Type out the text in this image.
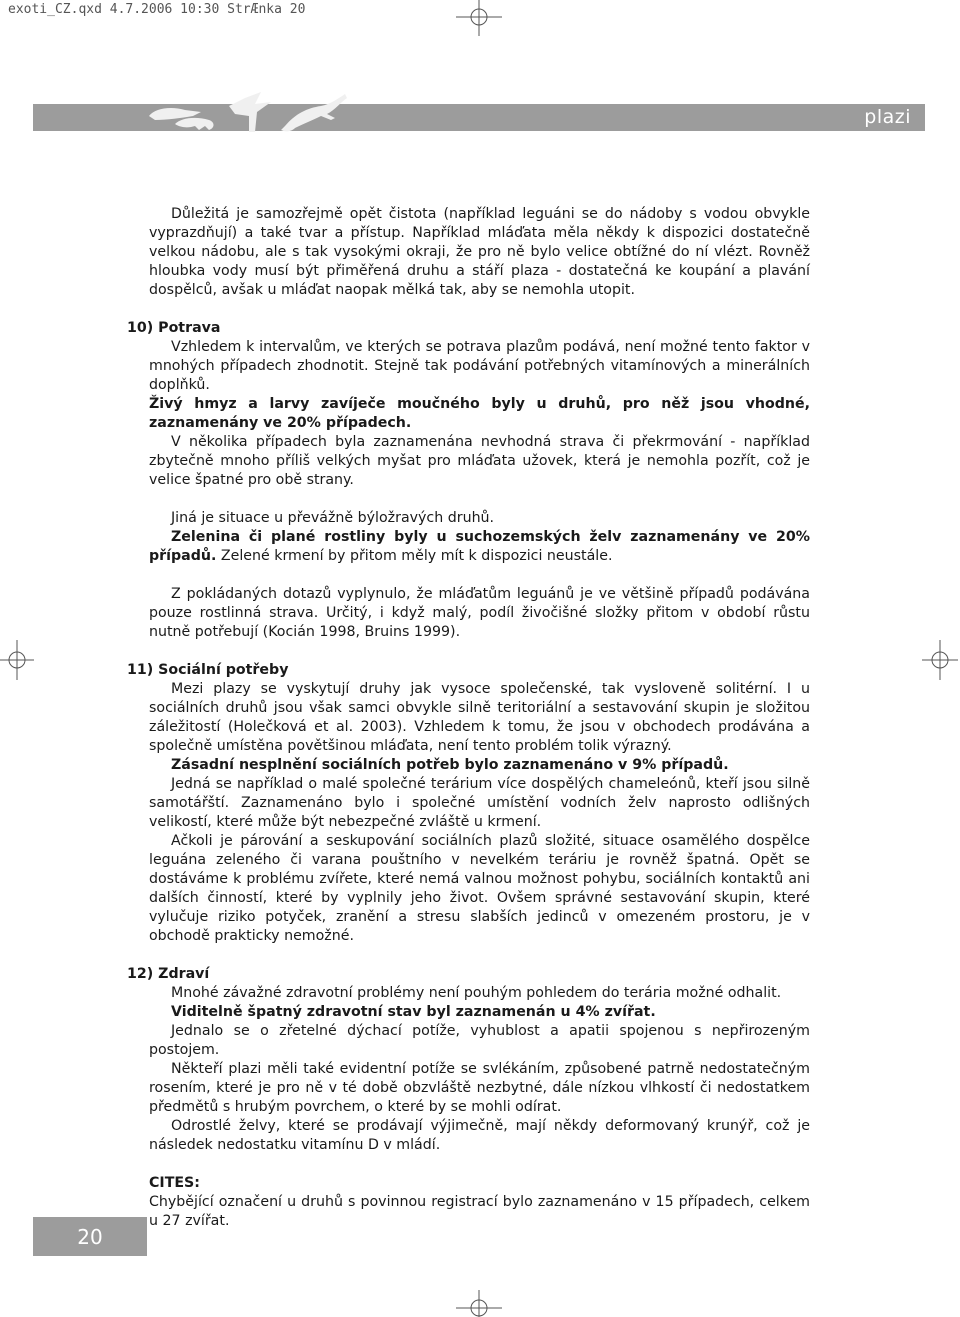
exoti_CZ.qxd 4.7.2006 10:30 StrÆnka 20
plazi

Důležitá je samozřejmě opět čistota (například leguáni se do nádoby s vodou obvykle vyprazdňují) a také tvar a přístup. Například mláďata měla někdy k dispozici dostatečně velkou nádobu, ale s tak vysokými okraji, že pro ně bylo velice obtížné do ní vlézt. Rovněž hloubka vody musí být přiměřená druhu a stáří plaza - dostatečná ke koupání a plavání dospělců, avšak u mláďat naopak mělká tak, aby se nemohla utopit.

10) Potrava

Vzhledem k intervalům, ve kterých se potrava plazům podává, není možné tento faktor v mnohých případech zhodnotit. Stejně tak podávání potřebných vitamínových a minerálních doplňků.

Živý hmyz a larvy zavíječe moučného byly u druhů, pro něž jsou vhodné, zaznamenány ve 20% případech.

V několika případech byla zaznamenána nevhodná strava či překrmování - například zbytečně mnoho příliš velkých myšat pro mláďata užovek, která je nemohla pozřít, což je velice špatné pro obě strany.

Jiná je situace u převážně býložravých druhů.

Zelenina či plané rostliny byly u suchozemských želv zaznamenány ve 20% případů. Zelené krmení by přitom měly mít k dispozici neustále.

Z pokládaných dotazů vyplynulo, že mláďatům leguánů je ve většině případů podávána pouze rostlinná strava. Určitý, i když malý, podíl živočišné složky přitom v období růstu nutně potřebují (Kocián 1998, Bruins 1999).

11) Sociální potřeby

Mezi plazy se vyskytují druhy jak vysoce společenské, tak vysloveně solitérní. I u sociálních druhů jsou však samci obvykle silně teritoriální a sestavování skupin je složitou záležitostí (Holečková et al. 2003). Vzhledem k tomu, že jsou v obchodech prodávána a společně umístěna povětšinou mláďata, není tento problém tolik výrazný.

Zásadní nesplnění sociálních potřeb bylo zaznamenáno v 9% případů.

Jedná se například o malé společné terárium více dospělých chameleónů, kteří jsou silně samotářští. Zaznamenáno bylo i společné umístění vodních želv naprosto odlišných velikostí, které může být nebezpečné zvláště u krmení.

Ačkoli je párování a seskupování sociálních plazů složité, situace osamělého dospělce leguána zeleného či varana pouštního v nevelkém teráriu je rovněž špatná. Opět se dostáváme k problému zvířete, které nemá valnou možnost pohybu, sociálních kontaktů ani dalších činností, které by vyplnily jeho život. Ovšem správné sestavování skupin, které vylučuje riziko potyček, zranění a stresu slabších jedinců v omezeném prostoru, je v obchodě prakticky nemožné.

12) Zdraví

Mnohé závažné zdravotní problémy není pouhým pohledem do terária možné odhalit.

Viditelně špatný zdravotní stav byl zaznamenán u 4% zvířat.

Jednalo se o zřetelné dýchací potíže, vyhublost a apatii spojenou s nepřirozeným postojem.

Někteří plazi měli také evidentní potíže se svlékáním, způsobené patrně nedostatečným rosením, které je pro ně v té době obzvláště nezbytné, dále nízkou vlhkostí či nedostatkem předmětů s hrubým povrchem, o které by se mohli odírat.

Odrostlé želvy, které se prodávají výjimečně, mají někdy deformovaný krunýř, což je následek nedostatku vitamínu D v mládí.

CITES:

Chybějící označení u druhů s povinnou registrací bylo zaznamenáno v 15 případech, celkem u 27 zvířat.

20
